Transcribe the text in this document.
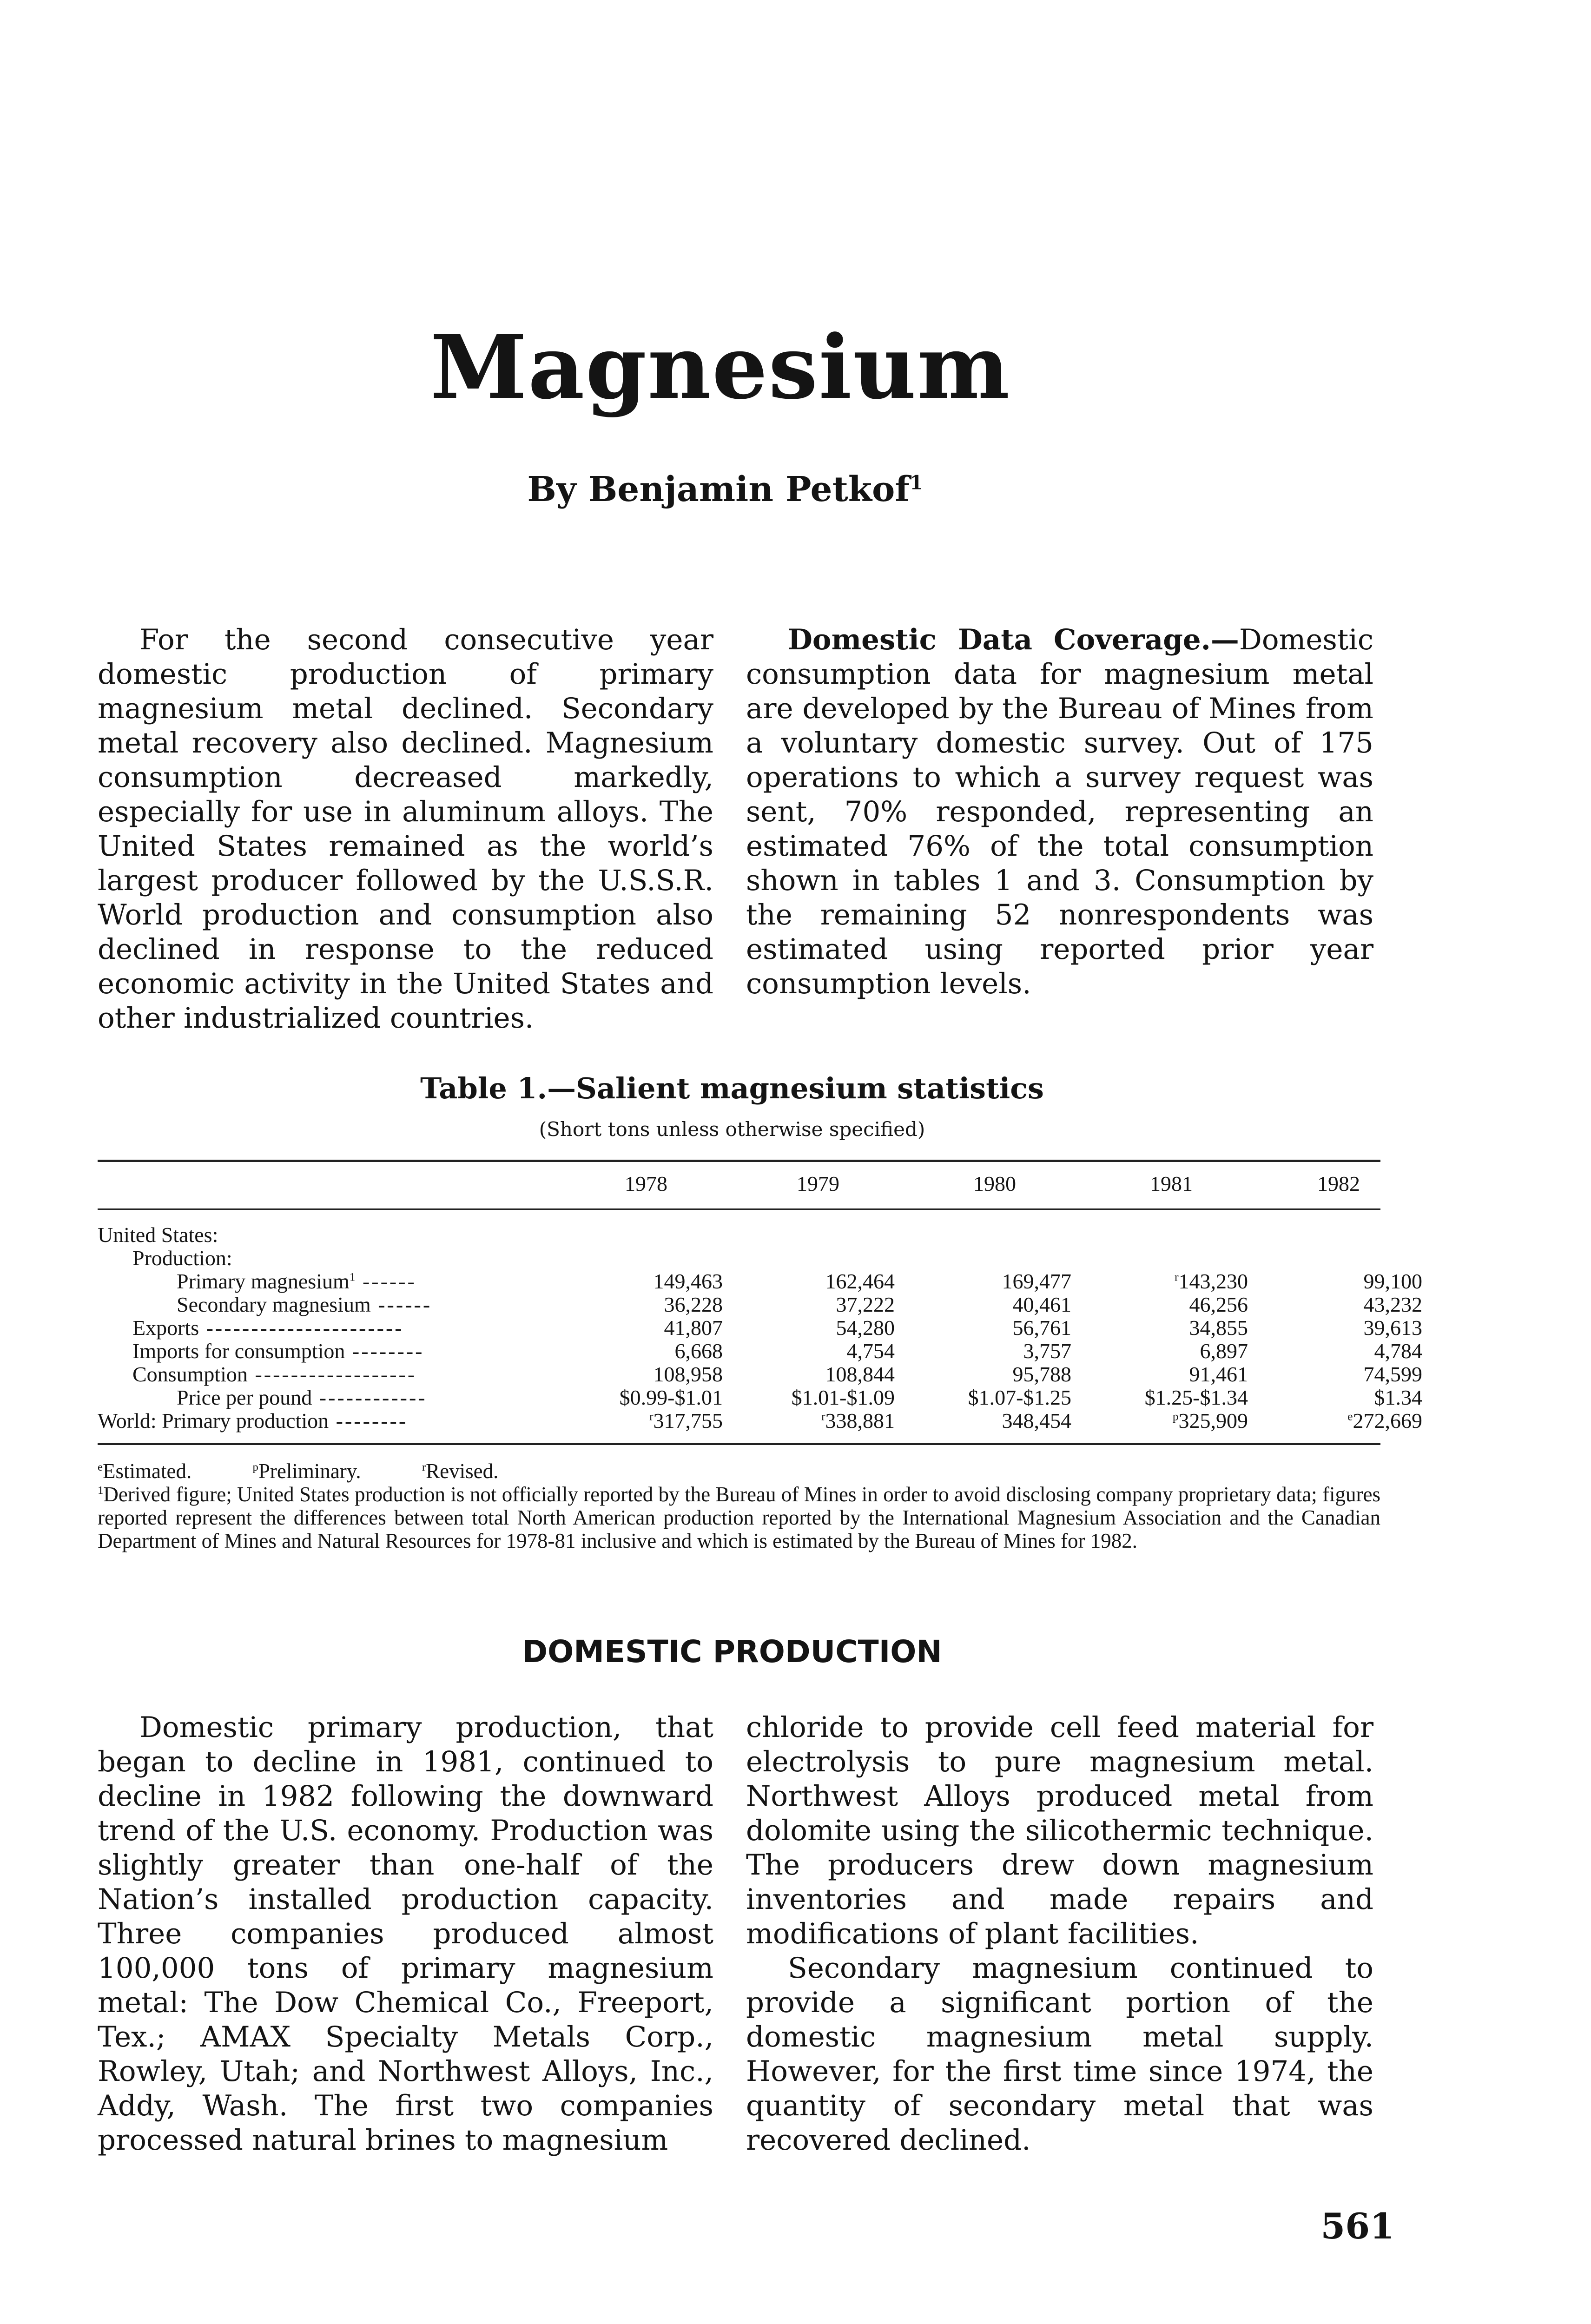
Magnesium
By Benjamin Petkof$^1$

For the second consecutive year domestic production of primary magnesium metal declined. Secondary metal recovery also declined. Magnesium consumption decreased markedly, especially for use in aluminum alloys. The United States remained as the world’s largest producer followed by the U.S.S.R. World production and consumption also declined in response to the reduced economic activity in the United States and other industrialized countries.

Domestic Data Coverage.—Domestic consumption data for magnesium metal are developed by the Bureau of Mines from a voluntary domestic survey. Out of 175 operations to which a survey request was sent, 70% responded, representing an estimated 76% of the total consumption shown in tables 1 and 3. Consumption by the remaining 52 nonrespondents was estimated using reported prior year consumption levels.

Table 1.—Salient magnesium statistics
(Short tons unless otherwise specified)
1978	1979	1980	1981	1982
United States:
Production:
Primary magnesium$^1$ ------	149,463	162,464	169,477	$^r$143,230	99,100
Secondary magnesium ------	36,228	37,222	40,461	46,256	43,232
Exports ----------------------	41,807	54,280	56,761	34,855	39,613
Imports for consumption --------	6,668	4,754	3,757	6,897	4,784
Consumption ------------------	108,958	108,844	95,788	91,461	74,599
Price per pound ------------	$0.99-$1.01	$1.01-$1.09	$1.07-$1.25	$1.25-$1.34	$1.34
World: Primary production --------	$^r$317,755	$^r$338,881	348,454	$^p$325,909	$^e$272,669

$^e$Estimated.	$^p$Preliminary.	$^r$Revised.

$^1$Derived figure; United States production is not officially reported by the Bureau of Mines in order to avoid disclosing company proprietary data; figures reported represent the differences between total North American production reported by the International Magnesium Association and the Canadian Department of Mines and Natural Resources for 1978-81 inclusive and which is estimated by the Bureau of Mines for 1982.

DOMESTIC PRODUCTION

Domestic primary production, that began to decline in 1981, continued to decline in 1982 following the downward trend of the U.S. economy. Production was slightly greater than one-half of the Nation’s installed production capacity. Three companies produced almost 100,000 tons of primary magnesium metal: The Dow Chemical Co., Freeport, Tex.; AMAX Specialty Metals Corp., Rowley, Utah; and Northwest Alloys, Inc., Addy, Wash. The first two companies processed natural brines to magnesium

chloride to provide cell feed material for electrolysis to pure magnesium metal. Northwest Alloys produced metal from dolomite using the silicothermic technique. The producers drew down magnesium inventories and made repairs and modifications of plant facilities.

Secondary magnesium continued to provide a significant portion of the domestic magnesium metal supply. However, for the first time since 1974, the quantity of secondary metal that was recovered declined.

561
